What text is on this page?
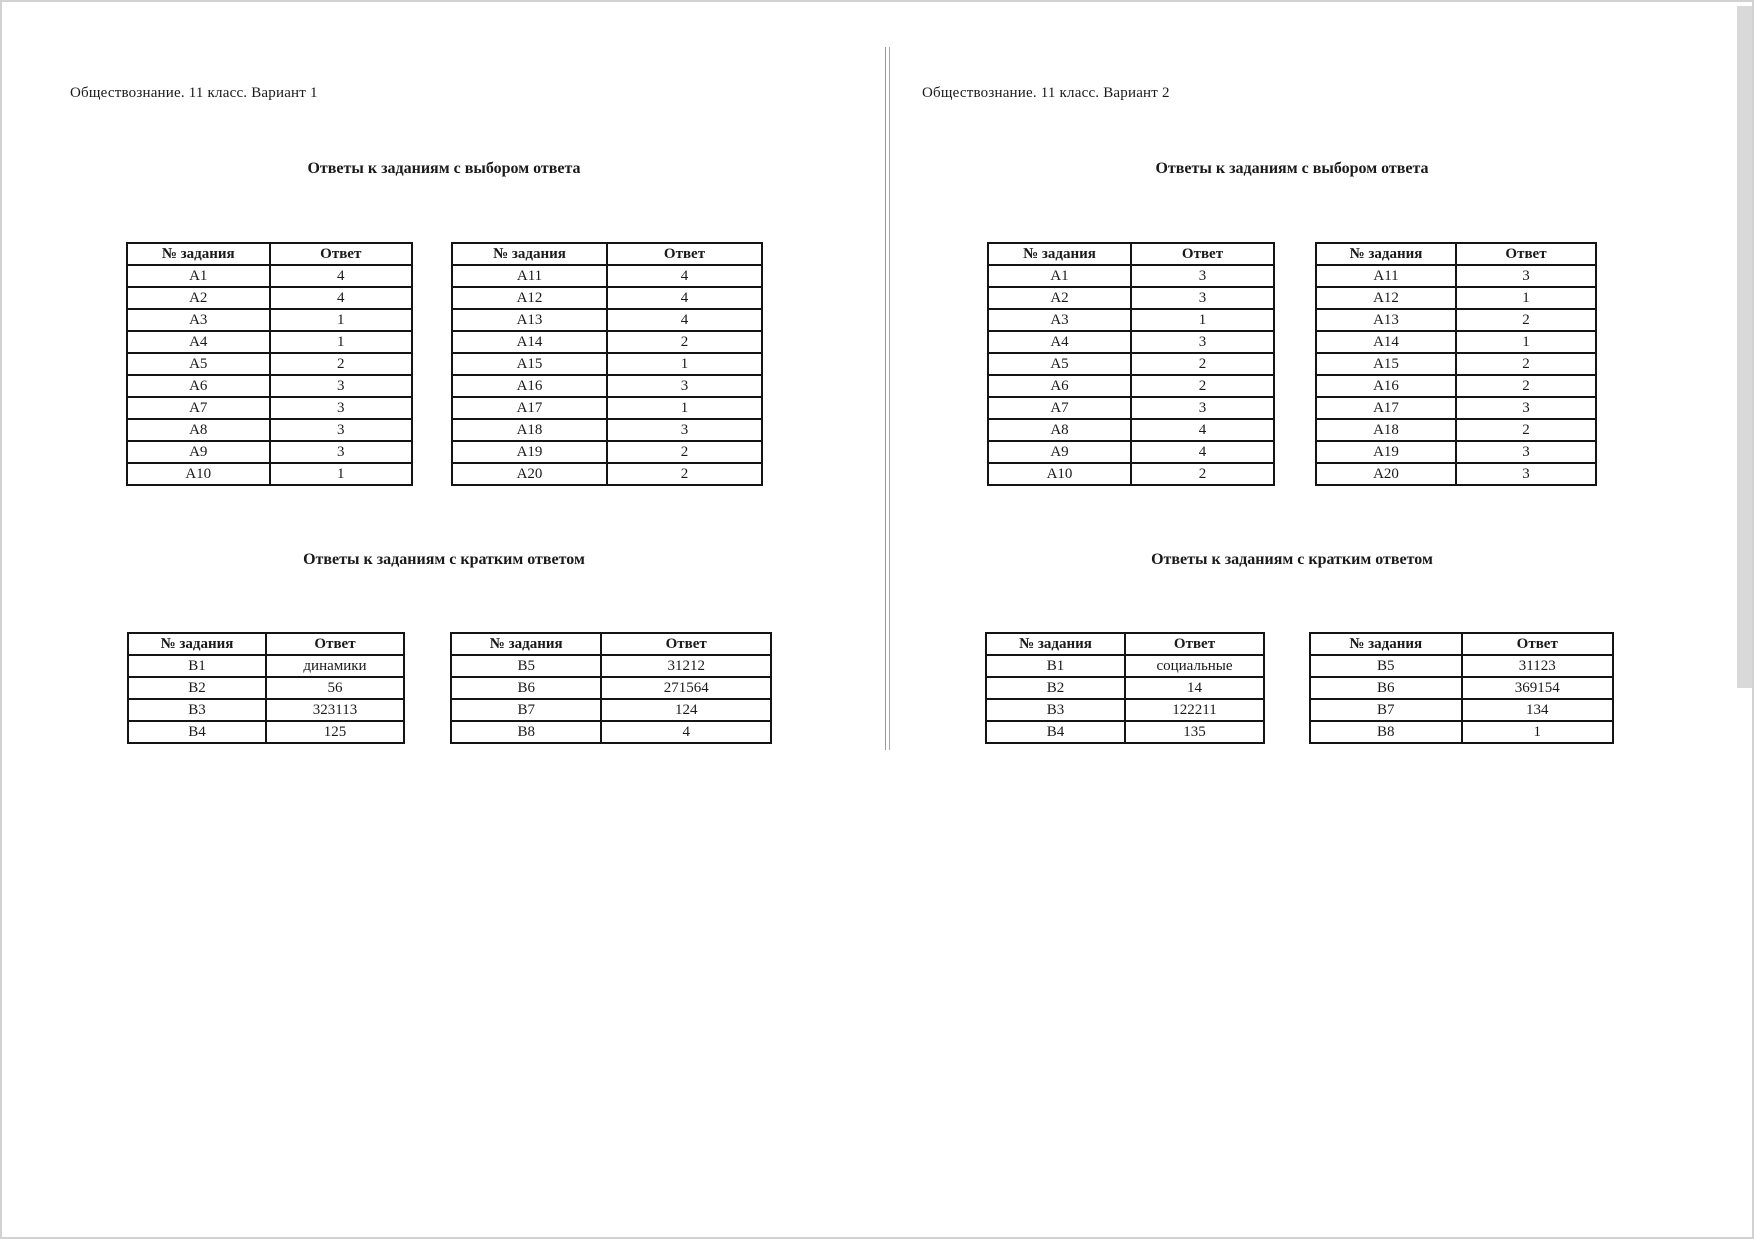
Обществознание. 11 класс. Вариант 1
Ответы к заданиям с выбором ответа
№ задания	Ответ
А1	4
А2	4
А3	1
А4	1
А5	2
А6	3
А7	3
А8	3
А9	3
А10	1
№ задания	Ответ
А11	4
А12	4
А13	4
А14	2
А15	1
А16	3
А17	1
А18	3
А19	2
А20	2
Ответы к заданиям с кратким ответом
№ задания	Ответ
В1	динамики
В2	56
В3	323113
В4	125
№ задания	Ответ
В5	31212
В6	271564
В7	124
В8	4
Обществознание. 11 класс. Вариант 2
Ответы к заданиям с выбором ответа
№ задания	Ответ
А1	3
А2	3
А3	1
А4	3
А5	2
А6	2
А7	3
А8	4
А9	4
А10	2
№ задания	Ответ
А11	3
А12	1
А13	2
А14	1
А15	2
А16	2
А17	3
А18	2
А19	3
А20	3
Ответы к заданиям с кратким ответом
№ задания	Ответ
В1	социальные
В2	14
В3	122211
В4	135
№ задания	Ответ
В5	31123
В6	369154
В7	134
В8	1
